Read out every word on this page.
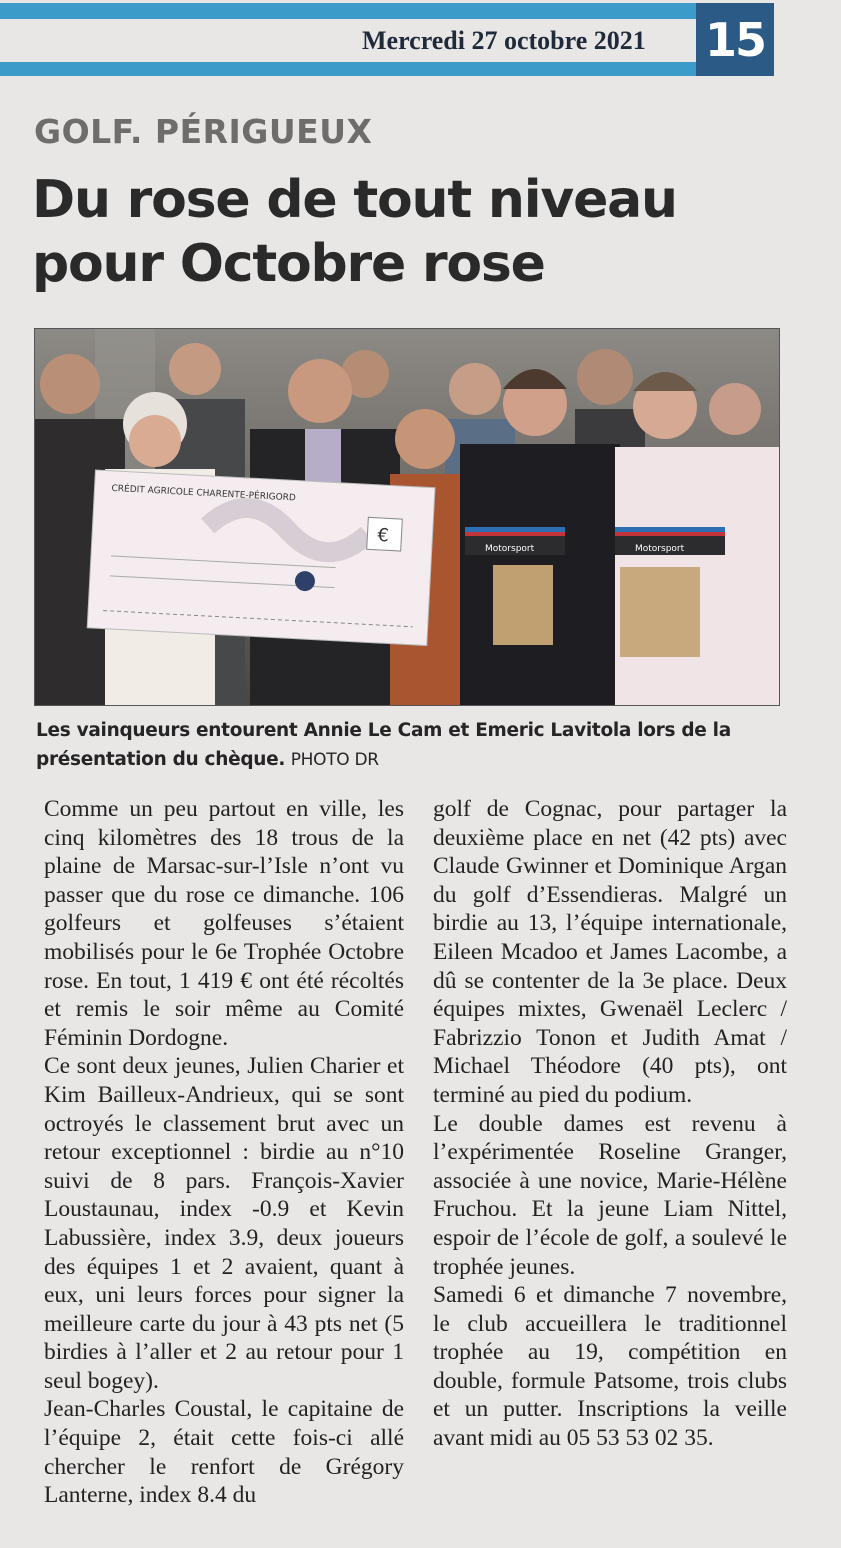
Mercredi 27 octobre 2021 15
GOLF. PÉRIGUEUX
Du rose de tout niveau pour Octobre rose
CRÉDIT AGRICOLE CHARENTE-PÉRIGORD
€
Motorsport	Motorsport
Les vainqueurs entourent Annie Le Cam et Emeric Lavitola lors de la présentation du chèque. PHOTO DR

Comme un peu partout en ville, les cinq kilomètres des 18 trous de la plaine de Marsac-sur-l’Isle n’ont vu passer que du rose ce dimanche. 106 golfeurs et golfeuses s’étaient mobilisés pour le 6e Trophée Octobre rose. En tout, 1 419 € ont été récoltés et remis le soir même au Comité Féminin Dordogne.

Ce sont deux jeunes, Julien Charier et Kim Bailleux-Andrieux, qui se sont octroyés le classement brut avec un retour exceptionnel : birdie au n°10 suivi de 8 pars. François-Xavier Loustaunau, index -0.9 et Kevin Labussière, index 3.9, deux joueurs des équipes 1 et 2 avaient, quant à eux, uni leurs forces pour signer la meilleure carte du jour à 43 pts net (5 birdies à l’aller et 2 au retour pour 1 seul bogey).

Jean-Charles Coustal, le capitaine de l’équipe 2, était cette fois-ci allé chercher le renfort de Grégory Lanterne, index 8.4 du

golf de Cognac, pour partager la deuxième place en net (42 pts) avec Claude Gwinner et Dominique Argan du golf d’Essendieras. Malgré un birdie au 13, l’équipe internationale, Eileen Mcadoo et James Lacombe, a dû se contenter de la 3e place. Deux équipes mixtes, Gwenaël Leclerc / Fabrizzio Tonon et Judith Amat / Michael Théodore (40 pts), ont terminé au pied du podium.

Le double dames est revenu à l’expérimentée Roseline Granger, associée à une novice, Marie-Hélène Fruchou. Et la jeune Liam Nittel, espoir de l’école de golf, a soulevé le trophée jeunes.

Samedi 6 et dimanche 7 novembre, le club accueillera le traditionnel trophée au 19, compétition en double, formule Patsome, trois clubs et un putter. Inscriptions la veille avant midi au 05 53 53 02 35.
